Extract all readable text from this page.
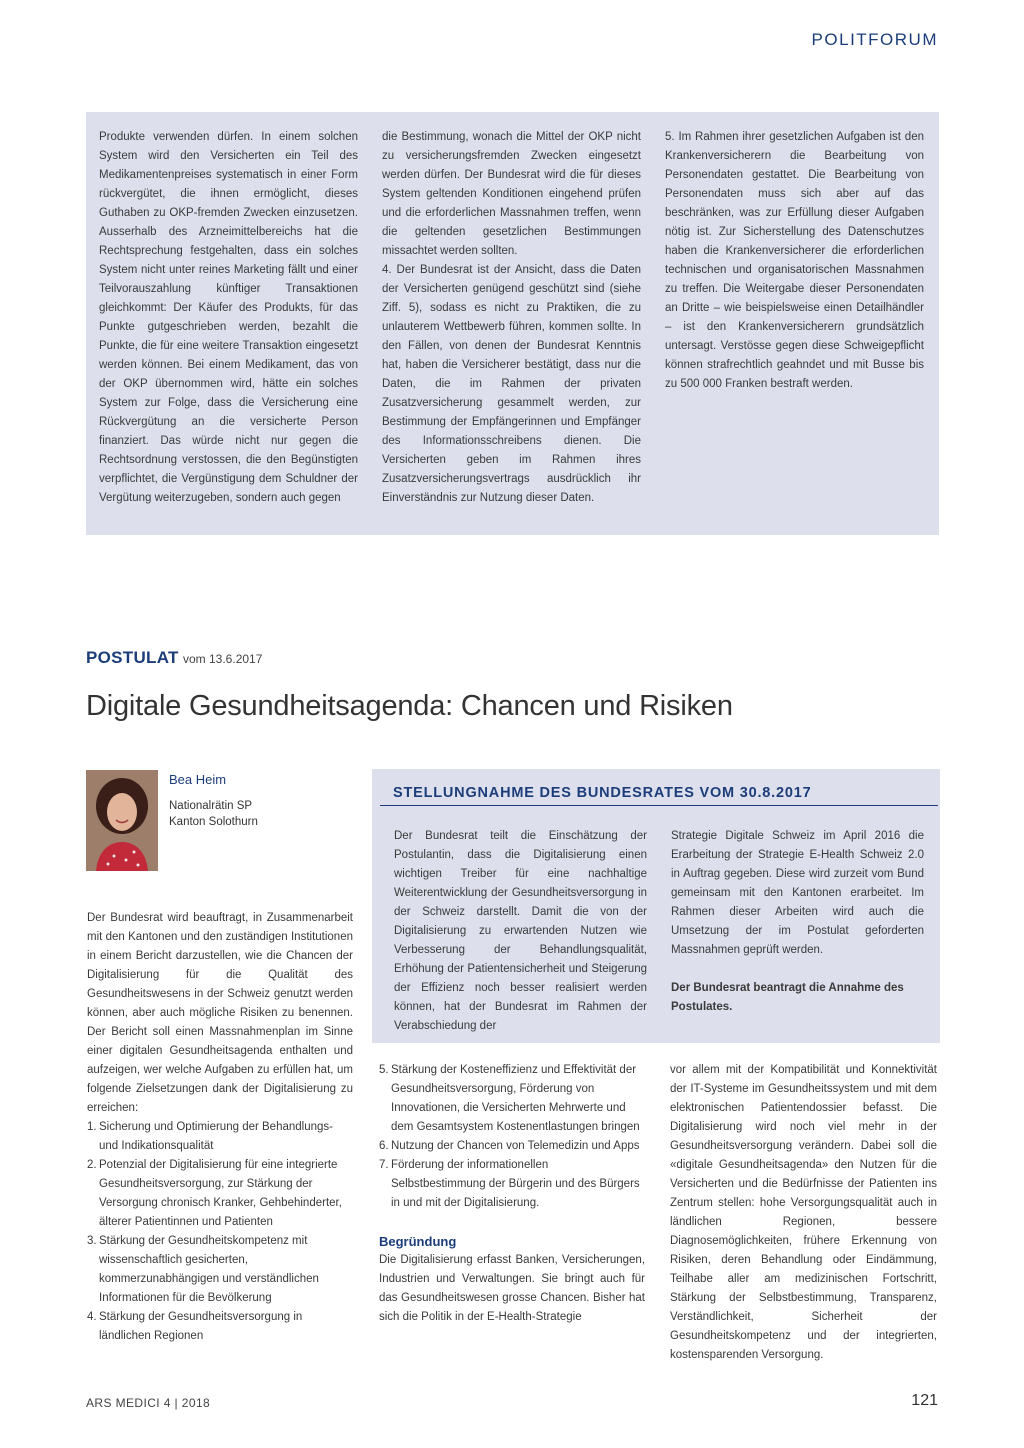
POLITFORUM

Produkte verwenden dürfen. In einem solchen System wird den Versicherten ein Teil des Medikamentenpreises systematisch in einer Form rückvergütet, die ihnen ermöglicht, dieses Guthaben zu OKP-fremden Zwecken einzusetzen. Ausserhalb des Arzneimittelbereichs hat die Rechtsprechung festgehalten, dass ein solches System nicht unter reines Marketing fällt und einer Teilvorauszahlung künftiger Transaktionen gleichkommt: Der Käufer des Produkts, für das Punkte gutgeschrieben werden, bezahlt die Punkte, die für eine weitere Transaktion eingesetzt werden können. Bei einem Medikament, das von der OKP übernommen wird, hätte ein solches System zur Folge, dass die Versicherung eine Rückvergütung an die versicherte Person finanziert. Das würde nicht nur gegen die Rechtsordnung verstossen, die den Begünstigten verpflichtet, die Vergünstigung dem Schuldner der Vergütung weiterzugeben, sondern auch gegen

die Bestimmung, wonach die Mittel der OKP nicht zu versicherungsfremden Zwecken eingesetzt werden dürfen. Der Bundesrat wird die für dieses System geltenden Konditionen eingehend prüfen und die erforderlichen Massnahmen treffen, wenn die geltenden gesetzlichen Bestimmungen missachtet werden sollten.

4. Der Bundesrat ist der Ansicht, dass die Daten der Versicherten genügend geschützt sind (siehe Ziff. 5), sodass es nicht zu Praktiken, die zu unlauterem Wettbewerb führen, kommen sollte. In den Fällen, von denen der Bundesrat Kenntnis hat, haben die Versicherer bestätigt, dass nur die Daten, die im Rahmen der privaten Zusatzversicherung gesammelt werden, zur Bestimmung der Empfängerinnen und Empfänger des Informationsschreibens dienen. Die Versicherten geben im Rahmen ihres Zusatzversicherungsvertrags ausdrücklich ihr Einverständnis zur Nutzung dieser Daten.

5. Im Rahmen ihrer gesetzlichen Aufgaben ist den Krankenversicherern die Bearbeitung von Personendaten gestattet. Die Bearbeitung von Personendaten muss sich aber auf das beschränken, was zur Erfüllung dieser Aufgaben nötig ist. Zur Sicherstellung des Datenschutzes haben die Krankenversicherer die erforderlichen technischen und organisatorischen Massnahmen zu treffen. Die Weitergabe dieser Personendaten an Dritte – wie beispielsweise einen Detailhändler – ist den Krankenversicherern grundsätzlich untersagt. Verstösse gegen diese Schweigepflicht können strafrechtlich geahndet und mit Busse bis zu 500 000 Franken bestraft werden.

POSTULAT vom 13.6.2017
Digitale Gesundheitsagenda: Chancen und Risiken
Bea Heim
Nationalrätin SP
Kanton Solothurn
STELLUNGNAHME DES BUNDESRATES VOM 30.8.2017

Der Bundesrat teilt die Einschätzung der Postulantin, dass die Digitalisierung einen wichtigen Treiber für eine nachhaltige Weiterentwicklung der Gesundheitsversorgung in der Schweiz darstellt. Damit die von der Digitalisierung zu erwartenden Nutzen wie Verbesserung der Behandlungsqualität, Erhöhung der Patientensicherheit und Steigerung der Effizienz noch besser realisiert werden können, hat der Bundesrat im Rahmen der Verabschiedung der

Strategie Digitale Schweiz im April 2016 die Erarbeitung der Strategie E-Health Schweiz 2.0 in Auftrag gegeben. Diese wird zurzeit vom Bund gemeinsam mit den Kantonen erarbeitet. Im Rahmen dieser Arbeiten wird auch die Umsetzung der im Postulat geforderten Massnahmen geprüft werden.

Der Bundesrat beantragt die Annahme des Postulates.

Der Bundesrat wird beauftragt, in Zusammenarbeit mit den Kantonen und den zuständigen Institutionen in einem Bericht darzustellen, wie die Chancen der Digitalisierung für die Qualität des Gesundheitswesens in der Schweiz genutzt werden können, aber auch mögliche Risiken zu benennen. Der Bericht soll einen Massnahmenplan im Sinne einer digitalen Gesundheitsagenda enthalten und aufzeigen, wer welche Aufgaben zu erfüllen hat, um folgende Zielsetzungen dank der Digitalisierung zu erreichen:

1. Sicherung und Optimierung der Behandlungs- und Indikationsqualität
2. Potenzial der Digitalisierung für eine integrierte Gesundheitsversorgung, zur Stärkung der Versorgung chronisch Kranker, Gehbehinderter, älterer Patientinnen und Patienten
3. Stärkung der Gesundheitskompetenz mit wissenschaftlich gesicherten, kommerzunabhängigen und verständlichen Informationen für die Bevölkerung
4. Stärkung der Gesundheitsversorgung in ländlichen Regionen
5. Stärkung der Kosteneffizienz und Effektivität der Gesundheitsversorgung, Förderung von Innovationen, die Versicherten Mehrwerte und dem Gesamtsystem Kostenentlastungen bringen
6. Nutzung der Chancen von Telemedizin und Apps
7. Förderung der informationellen Selbstbestimmung der Bürgerin und des Bürgers in und mit der Digitalisierung.

Begründung

Die Digitalisierung erfasst Banken, Versicherungen, Industrien und Verwaltungen. Sie bringt auch für das Gesundheitswesen grosse Chancen. Bisher hat sich die Politik in der E-Health-Strategie

vor allem mit der Kompatibilität und Konnektivität der IT-Systeme im Gesundheitssystem und mit dem elektronischen Patientendossier befasst. Die Digitalisierung wird noch viel mehr in der Gesundheitsversorgung verändern. Dabei soll die «digitale Gesundheitsagenda» den Nutzen für die Versicherten und die Bedürfnisse der Patienten ins Zentrum stellen: hohe Versorgungsqualität auch in ländlichen Regionen, bessere Diagnosemöglichkeiten, frühere Erkennung von Risiken, deren Behandlung oder Eindämmung, Teilhabe aller am medizinischen Fortschritt, Stärkung der Selbstbestimmung, Transparenz, Verständlichkeit, Sicherheit der Gesundheitskompetenz und der integrierten, kostensparenden Versorgung.

ARS MEDICI 4 | 2018	121
